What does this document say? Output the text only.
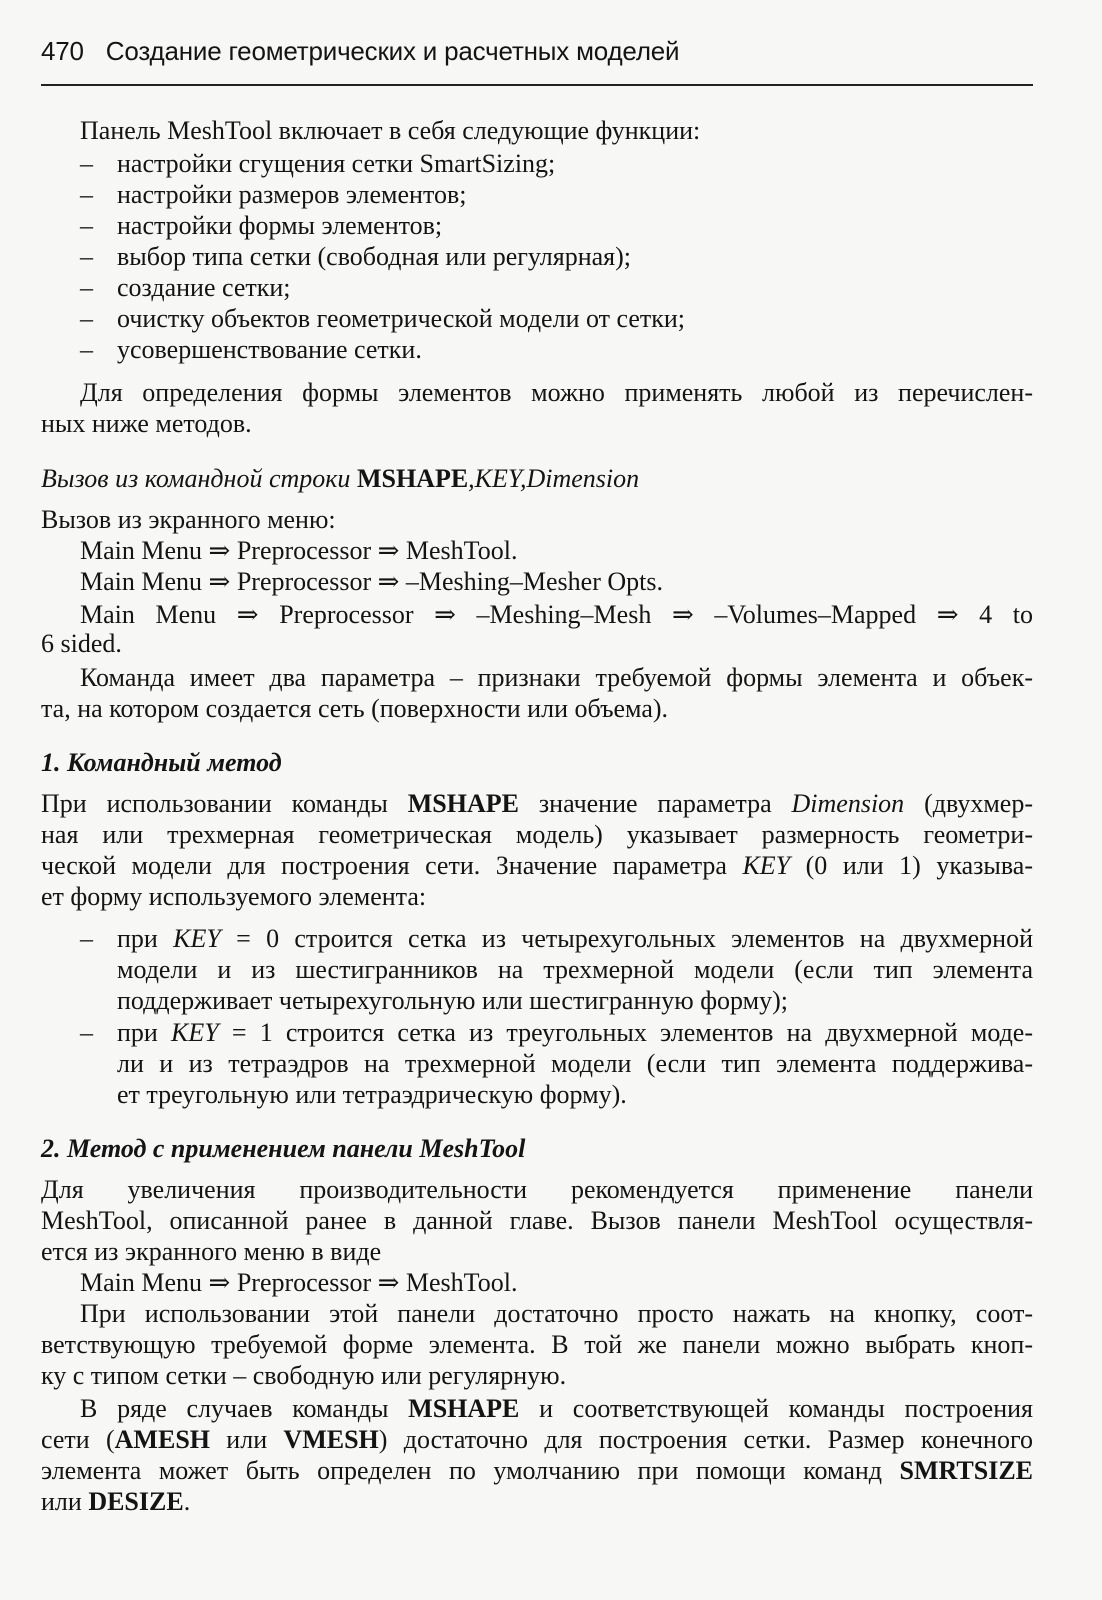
470 Создание геометрических и расчетных моделей
Панель MeshTool включает в себя следующие функции:
– настройки сгущения сетки SmartSizing;
– настройки размеров элементов;
– настройки формы элементов;
– выбор типа сетки (свободная или регулярная);
– создание сетки;
– очистку объектов геометрической модели от сетки;
– усовершенствование сетки.
Для определения формы элементов можно применять любой из перечислен-
ных ниже методов.
Вызов из командной строки MSHAPE,KEY,Dimension
Вызов из экранного меню:
Main Menu ⇒ Preprocessor ⇒ MeshTool.
Main Menu ⇒ Preprocessor ⇒ –Meshing–Mesher Opts.
Main Menu ⇒ Preprocessor ⇒ –Meshing–Mesh ⇒ –Volumes–Mapped ⇒ 4 to
6 sided.
Команда имеет два параметра – признаки требуемой формы элемента и объек-
та, на котором создается сеть (поверхности или объема).
1. Командный метод
При использовании команды MSHAPE значение параметра Dimension (двухмер-
ная или трехмерная геометрическая модель) указывает размерность геометри-
ческой модели для построения сети. Значение параметра KEY (0 или 1) указыва-
ет форму используемого элемента:
– при KEY = 0 строится сетка из четырехугольных элементов на двухмерной
модели и из шестигранников на трехмерной модели (если тип элемента
поддерживает четырехугольную или шестигранную форму);
– при KEY = 1 строится сетка из треугольных элементов на двухмерной моде-
ли и из тетраэдров на трехмерной модели (если тип элемента поддержива-
ет треугольную или тетраэдрическую форму).
2. Метод с применением панели MeshTool
Для увеличения производительности рекомендуется применение панели
MeshTool, описанной ранее в данной главе. Вызов панели MeshTool осуществля-
ется из экранного меню в виде
Main Menu ⇒ Preprocessor ⇒ MeshTool.
При использовании этой панели достаточно просто нажать на кнопку, соот-
ветствующую требуемой форме элемента. В той же панели можно выбрать кноп-
ку с типом сетки – свободную или регулярную.
В ряде случаев команды MSHAPE и соответствующей команды построения
сети (AMESH или VMESH) достаточно для построения сетки. Размер конечного
элемента может быть определен по умолчанию при помощи команд SMRTSIZE
или DESIZE.
